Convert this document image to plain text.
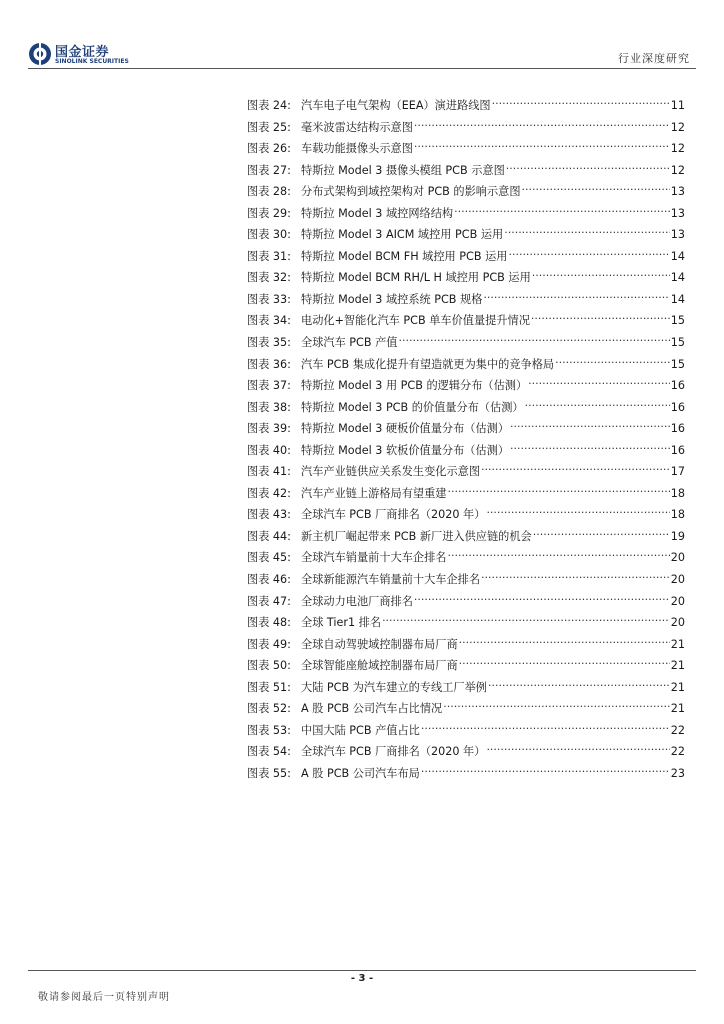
国金证券
SINOLINK SECURITIES	行业深度研究
图表 24: 汽车电子电气架构（EEA）演进路线图 .....	11
图表 25: 毫米波雷达结构示意图 .....	12
图表 26: 车载功能摄像头示意图 .....	12
图表 27: 特斯拉 Model 3 摄像头模组 PCB 示意图 .....	12
图表 28: 分布式架构到域控架构对 PCB 的影响示意图 .....	13
图表 29: 特斯拉 Model 3 域控网络结构 .....	13
图表 30: 特斯拉 Model 3 AICM 域控用 PCB 运用 .....	13
图表 31: 特斯拉 Model BCM FH 域控用 PCB 运用 .....	14
图表 32: 特斯拉 Model BCM RH/L H 域控用 PCB 运用 .....	14
图表 33: 特斯拉 Model 3 域控系统 PCB 规格 .....	14
图表 34: 电动化+智能化汽车 PCB 单车价值量提升情况 .....	15
图表 35: 全球汽车 PCB 产值 .....	15
图表 36: 汽车 PCB 集成化提升有望造就更为集中的竞争格局 .....	15
图表 37: 特斯拉 Model 3 用 PCB 的逻辑分布（估测） .....	16
图表 38: 特斯拉 Model 3 PCB 的价值量分布（估测） .....	16
图表 39: 特斯拉 Model 3 硬板价值量分布（估测） .....	16
图表 40: 特斯拉 Model 3 软板价值量分布（估测） .....	16
图表 41: 汽车产业链供应关系发生变化示意图 .....	17
图表 42: 汽车产业链上游格局有望重建 .....	18
图表 43: 全球汽车 PCB 厂商排名（2020 年） .....	18
图表 44: 新主机厂崛起带来 PCB 新厂进入供应链的机会 .....	19
图表 45: 全球汽车销量前十大车企排名 .....	20
图表 46: 全球新能源汽车销量前十大车企排名 .....	20
图表 47: 全球动力电池厂商排名 .....	20
图表 48: 全球 Tier1 排名 .....	20
图表 49: 全球自动驾驶域控制器布局厂商 .....	21
图表 50: 全球智能座舱域控制器布局厂商 .....	21
图表 51: 大陆 PCB 为汽车建立的专线工厂举例 .....	21
图表 52: A 股 PCB 公司汽车占比情况 .....	21
图表 53: 中国大陆 PCB 产值占比 .....	22
图表 54: 全球汽车 PCB 厂商排名（2020 年） .....	22
图表 55: A 股 PCB 公司汽车布局 .....	23
- 3 -
敬请参阅最后一页特别声明
